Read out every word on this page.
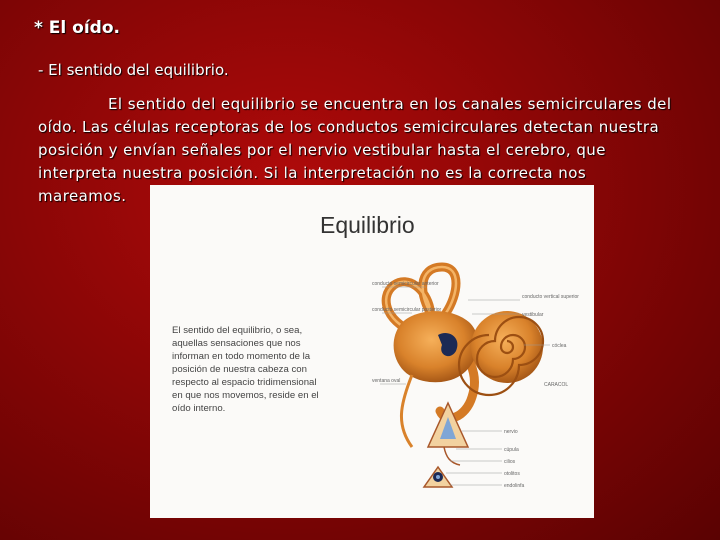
* El oído.
- El sentido del equilibrio.
El sentido del equilibrio se encuentra en los canales semicirculares del oído. Las células receptoras de los conductos semicirculares detectan nuestra posición y envían señales por el nervio vestibular hasta el cerebro, que interpreta nuestra posición. Si la interpretación no es la correcta nos mareamos.
Equilibrio
El sentido del equilibrio, o sea, aquellas sensaciones que nos informan en todo momento de la posición de nuestra cabeza con respecto al espacio tridimensional en que nos movemos, reside en el oído interno.
conducto semicircular anterior
conducto semicircular posterior
conducto vertical superior
vestibular
cóclea
ventana oval
CARACOL
nervio
cúpula
cilios
otolitos
endolinfa
